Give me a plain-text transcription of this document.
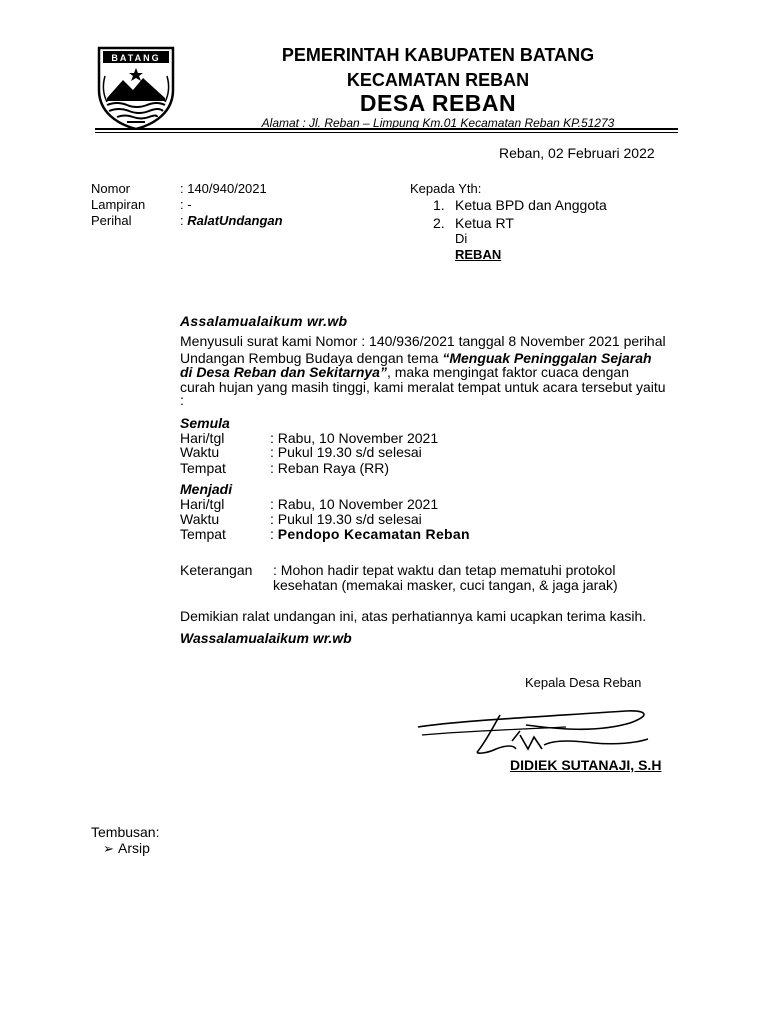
BATANG	PEMERINTAH KABUPATEN BATANG
KECAMATAN REBAN
DESA REBAN
Alamat : Jl. Reban – Limpung Km.01 Kecamatan Reban KP.51273
Reban, 02 Februari 2022
Nomor	: 140/940/2021
Lampiran	: -
Perihal	: RalatUndangan
Kepada Yth:
1. Ketua BPD dan Anggota
2. Ketua RT
Di
REBAN
Assalamualaikum wr.wb
Menyusuli surat kami Nomor : 140/936/2021 tanggal 8 November 2021 perihal
Undangan Rembug Budaya dengan tema “Menguak Peninggalan Sejarah
di Desa Reban dan Sekitarnya”, maka mengingat faktor cuaca dengan
curah hujan yang masih tinggi, kami meralat tempat untuk acara tersebut yaitu
:
Semula
Hari/tgl	: Rabu, 10 November 2021
Waktu	: Pukul 19.30 s/d selesai
Tempat	: Reban Raya (RR)
Menjadi
Hari/tgl	: Rabu, 10 November 2021
Waktu	: Pukul 19.30 s/d selesai
Tempat	: Pendopo Kecamatan Reban
Keterangan : Mohon hadir tepat waktu dan tetap mematuhi protokol
kesehatan (memakai masker, cuci tangan, & jaga jarak)
Demikian ralat undangan ini, atas perhatiannya kami ucapkan terima kasih.
Wassalamualaikum wr.wb
Kepala Desa Reban
DIDIEK SUTANAJI, S.H
Tembusan:
➢ Arsip
